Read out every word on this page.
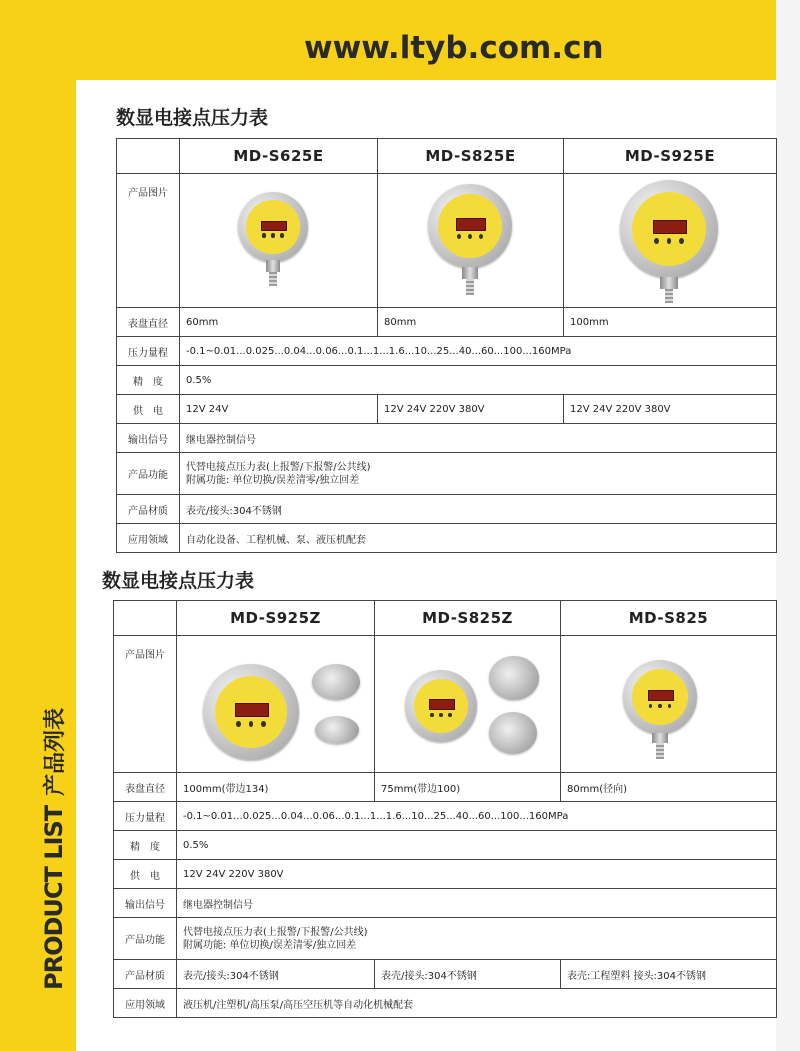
www.ltyb.com.cn
PRODUCT LIST产品列表
数显电接点压力表
	MD-S625E	MD-S825E	MD-S925E
产品图片	

表盘直径	60mm	80mm	100mm
压力量程	-0.1~0.01...0.025...0.04...0.06...0.1...1...1.6...10...25...40...60...100...160MPa		
精　度	0.5%		
供　电	12V 24V	12V 24V 220V 380V	12V 24V 220V 380V
输出信号	继电器控制信号		
产品功能	代替电接点压力表(上报警/下报警/公共线)
附属功能: 单位切换/误差清零/独立回差		

产品材质	表壳/接头:304不锈钢		
应用领域	自动化设备、工程机械、泵、液压机配套		
数显电接点压力表
	MD-S925Z	MD-S825Z	MD-S825
产品图片	

表盘直径	100mm(带边134)	75mm(带边100)	80mm(径向)
压力量程	-0.1~0.01...0.025...0.04...0.06...0.1...1...1.6...10...25...40...60...100...160MPa		
精　度	0.5%		
供　电	12V 24V 220V 380V		
输出信号	继电器控制信号		
产品功能	代替电接点压力表(上报警/下报警/公共线)
附属功能: 单位切换/误差清零/独立回差		

产品材质	表壳/接头:304不锈钢	表壳/接头:304不锈钢	表壳:工程塑料 接头:304不锈钢
应用领域	液压机/注塑机/高压泵/高压空压机等自动化机械配套		
